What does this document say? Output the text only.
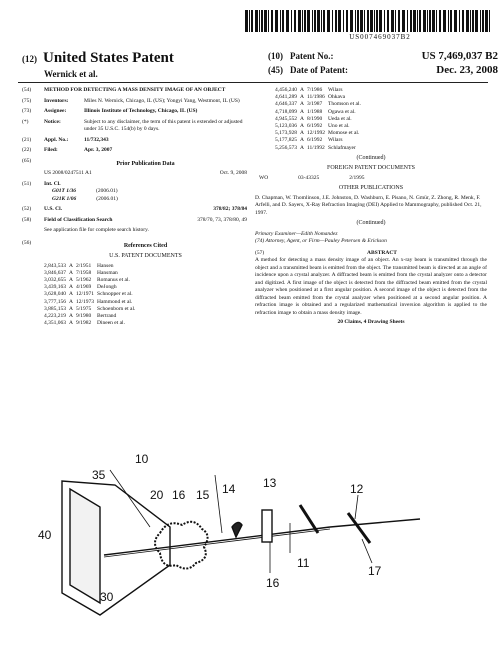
US007469037B2
(12) United States Patent
Wernick et al.
(10) Patent No.:	US 7,469,037 B2
(45) Date of Patent:	Dec. 23, 2008
(54)	METHOD FOR DETECTING A MASS DENSITY IMAGE OF AN OBJECT
(75)	Inventors:	Miles N. Wernick, Chicago, IL (US); Yongyi Yang, Westmont, IL (US)
(73)	Assignee:	Illinois Institute of Technology, Chicago, IL (US)
(*)	Notice:	Subject to any disclaimer, the term of this patent is extended or adjusted under 35 U.S.C. 154(b) by 0 days.
(21)	Appl. No.:	11/732,343
(22)	Filed:	Apr. 3, 2007
(65)	Prior Publication Data
US 2008/0247511 A1	Oct. 9, 2008
(51)	Int. Cl.
G01T 1/36	(2006.01)
G21K 1/06	(2006.01)
(52)	U.S. Cl.	378/82; 378/84
(58)	Field of Classification Search	378/70, 73, 378/80, 49
See application file for complete search history.
(56)	References Cited
U.S. PATENT DOCUMENTS
2,843,533	A	2/1951	Hansen
3,846,637	A	7/1958	Hansman
3,032,655	A	5/1962	Romanus et al.
3,439,163	A	4/1969	DeJongh
3,628,040	A	12/1971	Schnopper et al.
3,777,156	A	12/1973	Hammond et al.
3,885,153	A	5/1975	Schoenborn et al.
4,223,219	A	9/1980	Bertrand
4,351,063	A	9/1982	Dineen et al.
4,456,240	A	7/1986	Wilars
4,641,289	A	11/1986	Ohkava
4,646,337	A	3/1987	Thomson et al.
4,718,099	A	1/1988	Ogawa et al.
4,945,552	A	8/1990	Ueda et al.
5,123,036	A	6/1992	Uno et al.
5,173,928	A	12/1992	Momose et al.
5,177,825	A	6/1992	Wilars
5,256,573	A	11/1992	Schlafmayer
(Continued)
FOREIGN PATENT DOCUMENTS
WO	03-43325	2/1995
OTHER PUBLICATIONS
D. Chapman, W. Thomlinson, J.E. Johnston, D. Washburn, E. Pisano, N. Gmür, Z. Zhong, R. Menk, F. Arfelli, and D. Sayers, X-Ray Refraction Imaging (DEI) Applied to Mammography, published Oct. 21, 1997.
(Continued)
Primary Examiner—Edith Nomandez
(74) Attorney, Agent, or Firm—Pauley Petersen & Erickson
(57)	ABSTRACT
A method for detecting a mass density image of an object. An x-ray beam is transmitted through the object and a transmitted beam is emitted from the object. The transmitted beam is directed at an angle of incidence upon a crystal analyzer. A diffracted beam is emitted from the crystal analyzer onto a detector and digitized. A first image of the object is detected from the diffracted beam emitted from the crystal analyzer when positioned at a first angular position. A second image of the object is detected from the diffracted beam emitted from the crystal analyzer when positioned at a second angular position. A refraction image is obtained and a regularized mathematical inversion algorithm is applied to the refraction image to obtain a mass density image.
20 Claims, 4 Drawing Sheets
10
35
20 16 15 14 13	12
40
30
11
16
17
